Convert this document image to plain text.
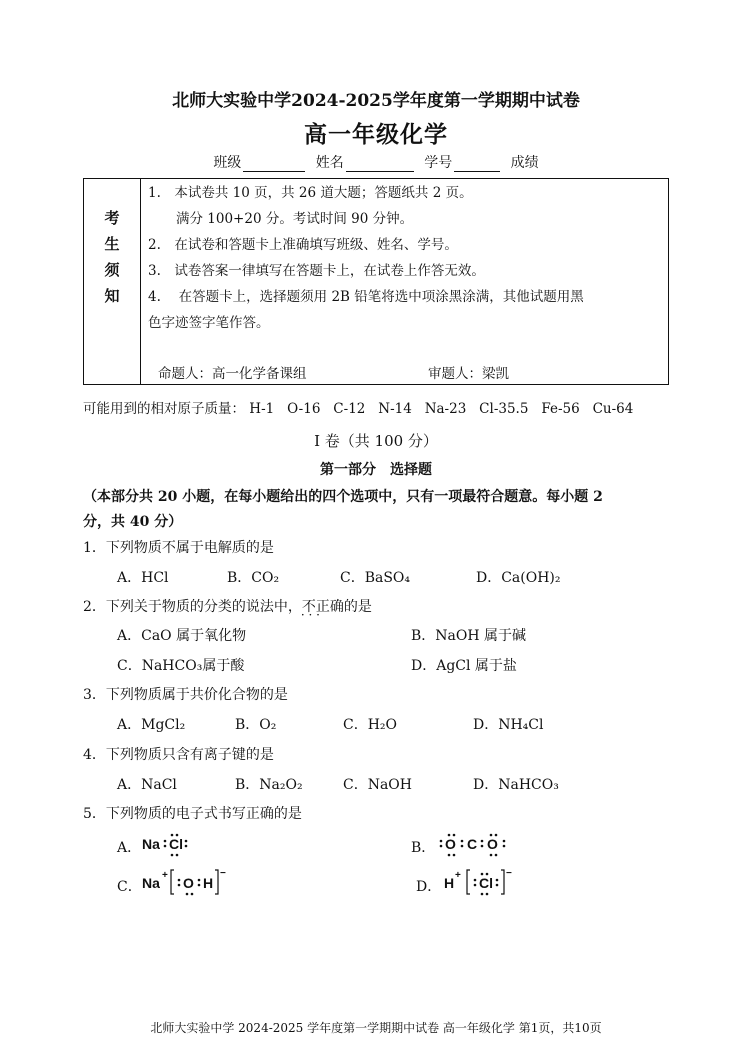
北师大实验中学2024-2025学年度第一学期期中试卷
高一年级化学
班级	姓名	学号	成绩
考
生
须
知
1.　本试卷共 10 页，共 26 道大题；答题纸共 2 页。
满分 100+20 分。考试时间 90 分钟。
2.　在试卷和答题卡上准确填写班级、姓名、学号。
3.　试卷答案一律填写在答题卡上，在试卷上作答无效。
4.　 在答题卡上，选择题须用 2B 铅笔将选中项涂黑涂满，其他试题用黑
色字迹签字笔作答。
命题人：高一化学备课组	审题人：梁凯
可能用到的相对原子质量： H-1 O-16 C-12 N-14 Na-23 Cl-35.5 Fe-56 Cu-64
Ⅰ 卷（共 100 分）
第一部分　选择题
（本部分共 20 小题，在每小题给出的四个选项中，只有一项最符合题意。每小题 2
分，共 40 分）
1．下列物质不属于电解质的是
A．HCl	B．CO₂	C．BaSO₄	D．Ca(OH)₂
2．下列关于物质的分类的说法中，不正确 · · ·的是
A．CaO 属于氧化物	B．NaOH 属于碱
C．NaHCO₃属于酸	D．AgCl 属于盐
3．下列物质属于共价化合物的是
A．MgCl₂	B．O₂	C．H₂O	D．NH₄Cl
4．下列物质只含有离子键的是
A．NaCl	B．Na₂O₂	C．NaOH	D．NaHCO₃
5．下列物质的电子式书写正确的是
A． Na Cl	B． O C O
C． Na + O H
−
D． H + Cl
−
北师大实验中学 2024-2025 学年度第一学期期中试卷 高一年级化学 第1页，共10页
